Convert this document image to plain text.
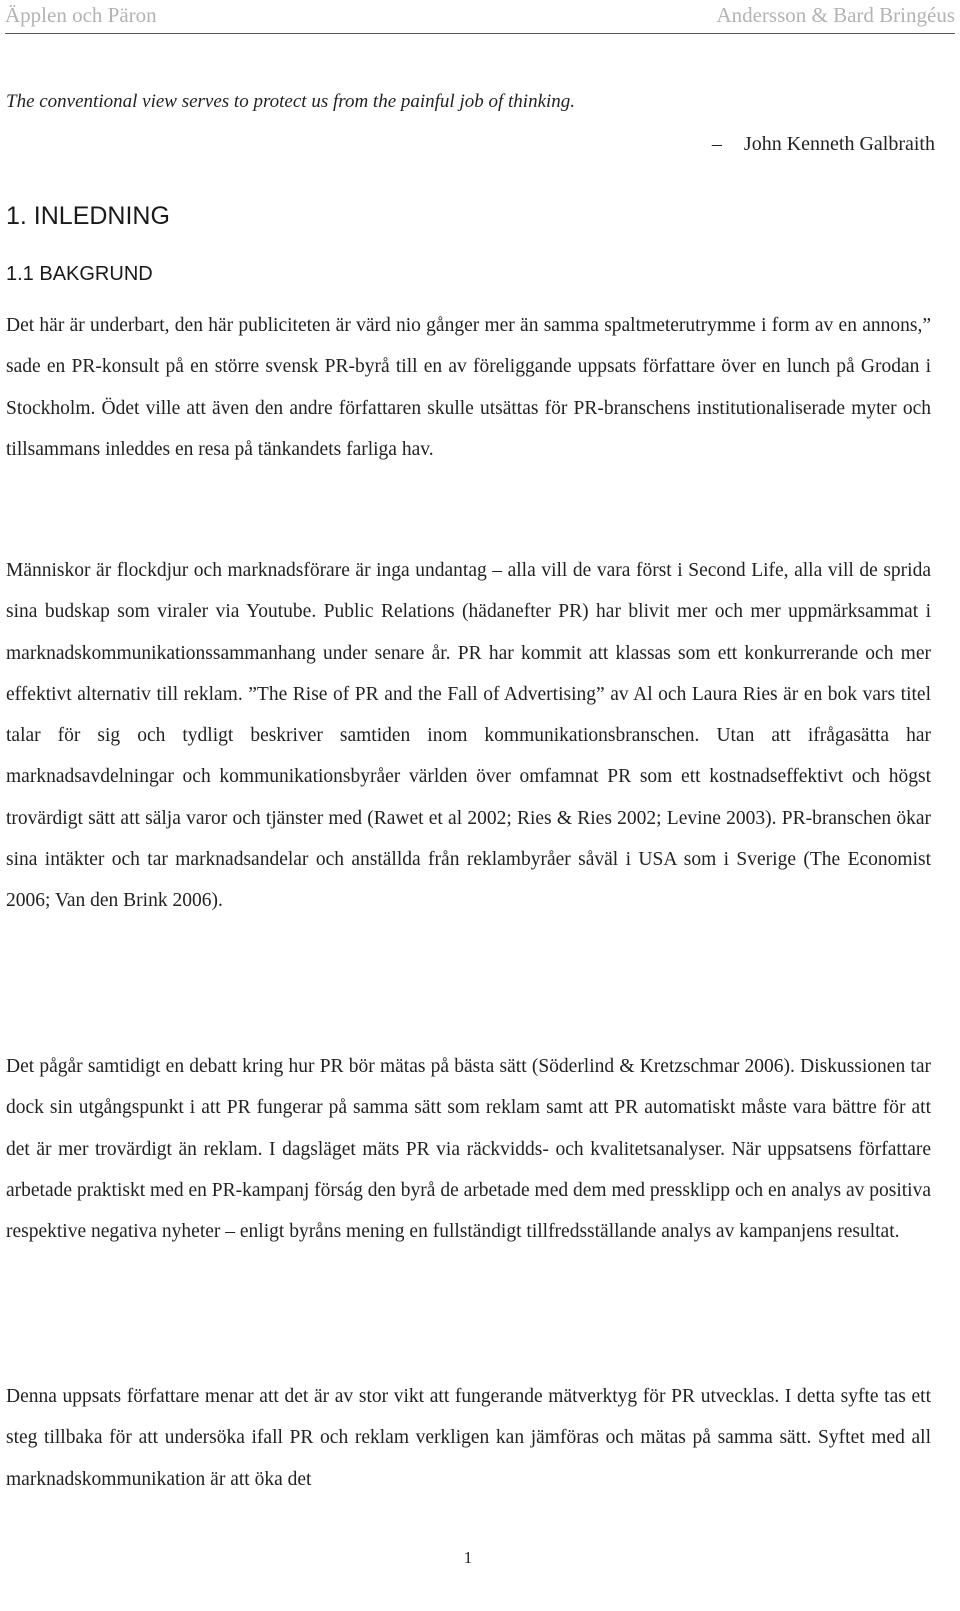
Äpplen och Päron	Andersson & Bard Bringéus
The conventional view serves to protect us from the painful job of thinking.
– John Kenneth Galbraith
1. INLEDNING
1.1 BAKGRUND

Det här är underbart, den här publiciteten är värd nio gånger mer än samma spaltmeterutrymme i form av en annons,” sade en PR-konsult på en större svensk PR-byrå till en av föreliggande uppsats författare över en lunch på Grodan i Stockholm. Ödet ville att även den andre författaren skulle utsättas för PR-branschens institutionaliserade myter och tillsammans inleddes en resa på tänkandets farliga hav.

Människor är flockdjur och marknadsförare är inga undantag – alla vill de vara först i Second Life, alla vill de sprida sina budskap som viraler via Youtube. Public Relations (hädanefter PR) har blivit mer och mer uppmärksammat i marknadskommunikationssammanhang under senare år. PR har kommit att klassas som ett konkurrerande och mer effektivt alternativ till reklam. ”The Rise of PR and the Fall of Advertising” av Al och Laura Ries är en bok vars titel talar för sig och tydligt beskriver samtiden inom kommunikationsbranschen. Utan att ifrågasätta har marknadsavdelningar och kommunikationsbyråer världen över omfamnat PR som ett kostnadseffektivt och högst trovärdigt sätt att sälja varor och tjänster med (Rawet et al 2002; Ries & Ries 2002; Levine 2003). PR-branschen ökar sina intäkter och tar marknadsandelar och anställda från reklambyråer såväl i USA som i Sverige (The Economist 2006; Van den Brink 2006).

Det pågår samtidigt en debatt kring hur PR bör mätas på bästa sätt (Söderlind & Kretzschmar 2006). Diskussionen tar dock sin utgångspunkt i att PR fungerar på samma sätt som reklam samt att PR automatiskt måste vara bättre för att det är mer trovärdigt än reklam. I dagsläget mäts PR via räckvidds- och kvalitetsanalyser. När uppsatsens författare arbetade praktiskt med en PR-kampanj förság den byrå de arbetade med dem med pressklipp och en analys av positiva respektive negativa nyheter – enligt byråns mening en fullständigt tillfredsställande analys av kampanjens resultat.

Denna uppsats författare menar att det är av stor vikt att fungerande mätverktyg för PR utvecklas. I detta syfte tas ett steg tillbaka för att undersöka ifall PR och reklam verkligen kan jämföras och mätas på samma sätt. Syftet med all marknadskommunikation är att öka det

1
